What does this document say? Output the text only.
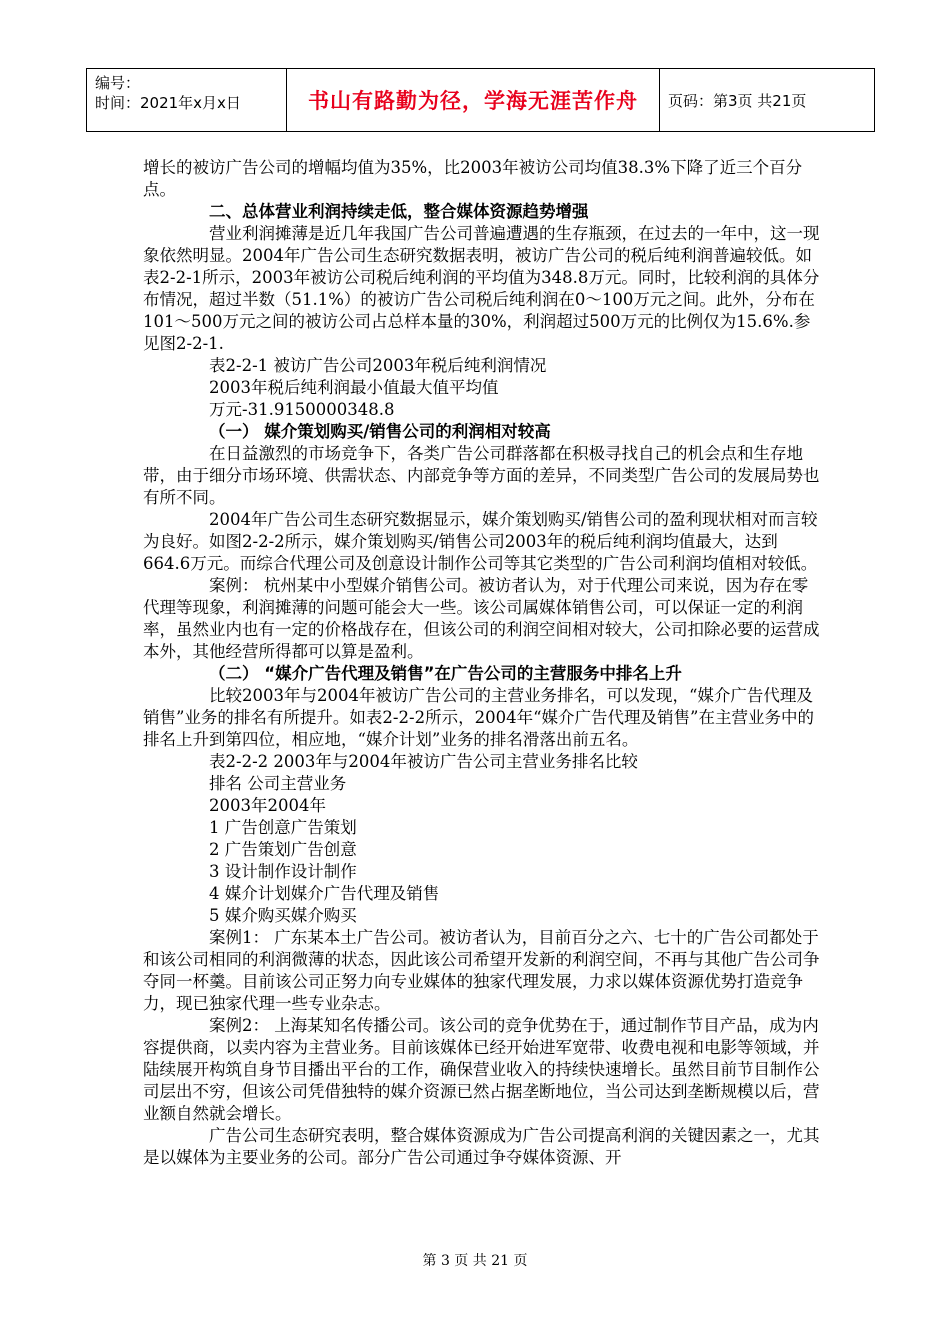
编号：
时间：2021年x月x日	书山有路勤为径，学海无涯苦作舟	页码：第3页 共21页

增长的被访广告公司的增幅均值为35%，比2003年被访公司均值38.3%下降了近三个百分点。

二、总体营业利润持续走低，整合媒体资源趋势增强

营业利润摊薄是近几年我国广告公司普遍遭遇的生存瓶颈，在过去的一年中，这一现象依然明显。2004年广告公司生态研究数据表明，被访广告公司的税后纯利润普遍较低。如表2-2-1所示，2003年被访公司税后纯利润的平均值为348.8万元。同时，比较利润的具体分布情况，超过半数（51.1%）的被访广告公司税后纯利润在0～100万元之间。此外，分布在101～500万元之间的被访公司占总样本量的30%，利润超过500万元的比例仅为15.6%.参见图2-2-1.

表2-2-1 被访广告公司2003年税后纯利润情况

2003年税后纯利润最小值最大值平均值

万元-31.9150000348.8

（一） 媒介策划购买/销售公司的利润相对较高

在日益激烈的市场竞争下，各类广告公司群落都在积极寻找自己的机会点和生存地带，由于细分市场环境、供需状态、内部竞争等方面的差异，不同类型广告公司的发展局势也有所不同。

2004年广告公司生态研究数据显示，媒介策划购买/销售公司的盈利现状相对而言较为良好。如图2-2-2所示，媒介策划购买/销售公司2003年的税后纯利润均值最大，达到664.6万元。而综合代理公司及创意设计制作公司等其它类型的广告公司利润均值相对较低。

案例： 杭州某中小型媒介销售公司。被访者认为，对于代理公司来说，因为存在零代理等现象，利润摊薄的问题可能会大一些。该公司属媒体销售公司，可以保证一定的利润率，虽然业内也有一定的价格战存在，但该公司的利润空间相对较大，公司扣除必要的运营成本外，其他经营所得都可以算是盈利。

（二） “媒介广告代理及销售”在广告公司的主营服务中排名上升

比较2003年与2004年被访广告公司的主营业务排名，可以发现，“媒介广告代理及销售”业务的排名有所提升。如表2-2-2所示，2004年“媒介广告代理及销售”在主营业务中的排名上升到第四位，相应地，“媒介计划”业务的排名滑落出前五名。

表2-2-2 2003年与2004年被访广告公司主营业务排名比较

排名 公司主营业务

2003年2004年

1 广告创意广告策划

2 广告策划广告创意

3 设计制作设计制作

4 媒介计划媒介广告代理及销售

5 媒介购买媒介购买

案例1： 广东某本土广告公司。被访者认为，目前百分之六、七十的广告公司都处于和该公司相同的利润微薄的状态，因此该公司希望开发新的利润空间，不再与其他广告公司争夺同一杯羹。目前该公司正努力向专业媒体的独家代理发展，力求以媒体资源优势打造竞争力，现已独家代理一些专业杂志。

案例2： 上海某知名传播公司。该公司的竞争优势在于，通过制作节目产品，成为内容提供商，以卖内容为主营业务。目前该媒体已经开始进军宽带、收费电视和电影等领域，并陆续展开构筑自身节目播出平台的工作，确保营业收入的持续快速增长。虽然目前节目制作公司层出不穷，但该公司凭借独特的媒介资源已然占据垄断地位，当公司达到垄断规模以后，营业额自然就会增长。

广告公司生态研究表明，整合媒体资源成为广告公司提高利润的关键因素之一，尤其是以媒体为主要业务的公司。部分广告公司通过争夺媒体资源、开

第 3 页 共 21 页
